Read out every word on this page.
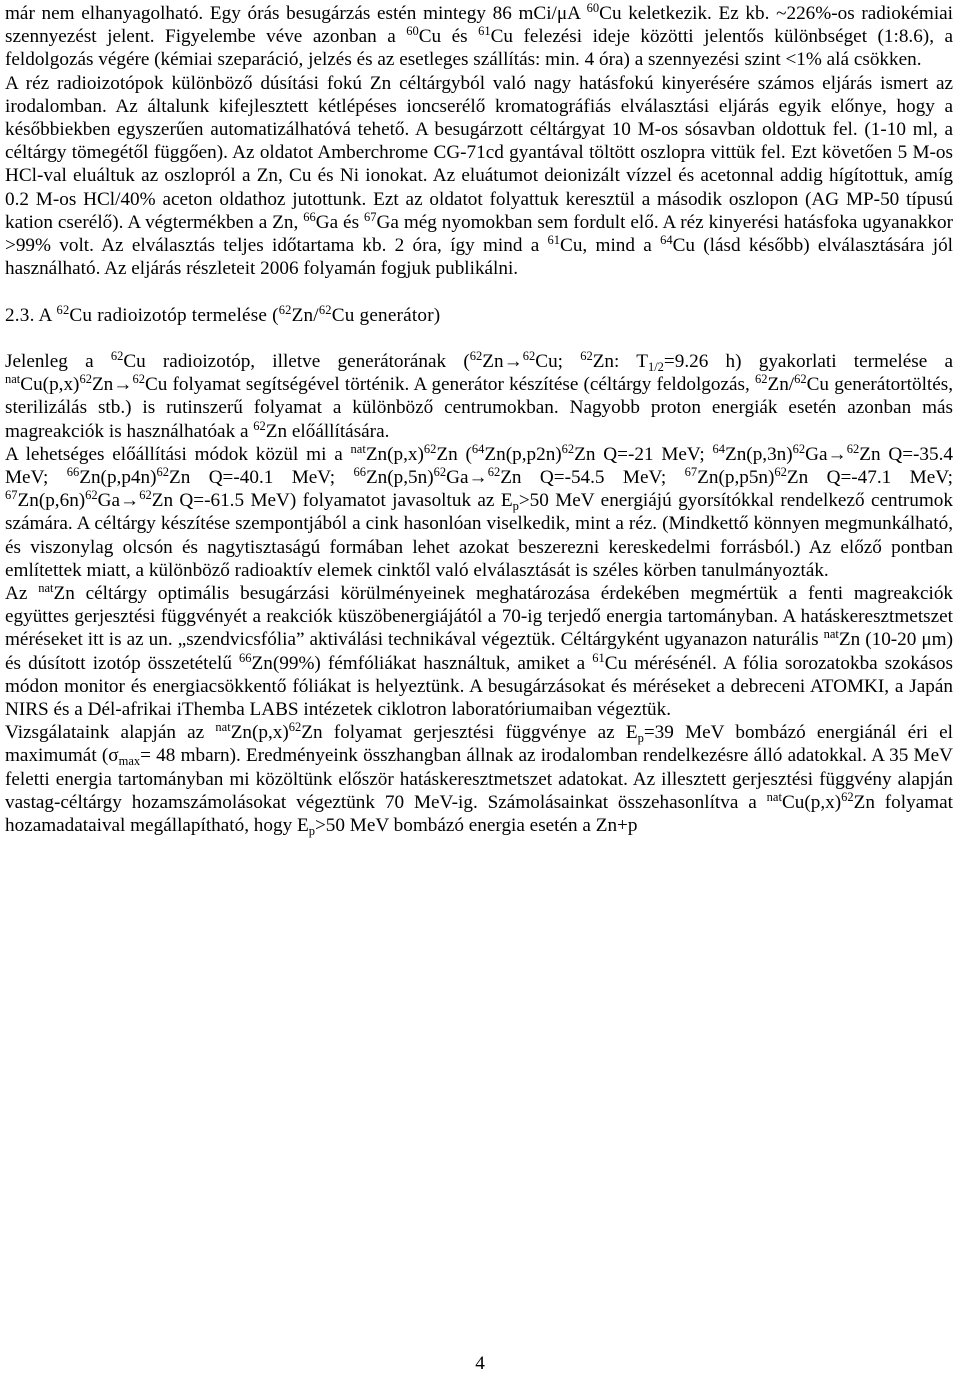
már nem elhanyagolható. Egy órás besugárzás estén mintegy 86 mCi/μA $^{60}$Cu keletkezik. Ez kb. ~226%-os radiokémiai szennyezést jelent. Figyelembe véve azonban a $^{60}$Cu és $^{61}$Cu felezési ideje közötti jelentős különbséget (1:8.6), a feldolgozás végére (kémiai szeparáció, jelzés és az esetleges szállítás: min. 4 óra) a szennyezési szint <1% alá csökken.

A réz radioizotópok különböző dúsítási fokú Zn céltárgyból való nagy hatásfokú kinyerésére számos eljárás ismert az irodalomban. Az általunk kifejlesztett kétlépéses ioncserélő kromatográfiás elválasztási eljárás egyik előnye, hogy a későbbiekben egyszerűen automatizálhatóvá tehető. A besugárzott céltárgyat 10 M-os sósavban oldottuk fel. (1-10 ml, a céltárgy tömegétől függően). Az oldatot Amberchrome CG-71cd gyantával töltött oszlopra vittük fel. Ezt követően 5 M-os HCl-val eluáltuk az oszlopról a Zn, Cu és Ni ionokat. Az eluátumot deionizált vízzel és acetonnal addig hígítottuk, amíg 0.2 M-os HCl/40% aceton oldathoz jutottunk. Ezt az oldatot folyattuk keresztül a második oszlopon (AG MP-50 típusú kation cserélő). A végtermékben a Zn, $^{66}$Ga és $^{67}$Ga még nyomokban sem fordult elő. A réz kinyerési hatásfoka ugyanakkor >99% volt. Az elválasztás teljes időtartama kb. 2 óra, így mind a $^{61}$Cu, mind a $^{64}$Cu (lásd később) elválasztására jól használható. Az eljárás részleteit 2006 folyamán fogjuk publikálni.

2.3. A $^{62}$Cu radioizotóp termelése ($^{62}$Zn/$^{62}$Cu generátor)

Jelenleg a $^{62}$Cu radioizotóp, illetve generátorának ($^{62}$Zn→$^{62}$Cu; $^{62}$Zn: $T_{1/2}=9.26$ h) gyakorlati termelése a $^{nat}Cu(p,x)^{62}Zn\to^{62}Cu$ folyamat segítségével történik. A generátor készítése (céltárgy feldolgozás, $^{62}$Zn/$^{62}$Cu generátortöltés, sterilizálás stb.) is rutinszerű folyamat a különböző centrumokban. Nagyobb proton energiák esetén azonban más magreakciók is használhatóak a $^{62}$Zn előállítására.

A lehetséges előállítási módok közül mi a $^{nat}Zn(p,x)^{62}Zn$ ($^{64}Zn(p,p2n)^{62}Zn$ Q=-21 MeV; $^{64}Zn(p,3n)^{62}Ga\to^{62}Zn$ Q=-35.4 MeV; $^{66}Zn(p,p4n)^{62}Zn$ Q=-40.1 MeV; $^{66}Zn(p,5n)^{62}Ga\to^{62}Zn$ Q=-54.5 MeV; $^{67}Zn(p,p5n)^{62}Zn$ Q=-47.1 MeV; $^{67}Zn(p,6n)^{62}Ga\to^{62}Zn$ Q=-61.5 MeV) folyamatot javasoltuk az $E_p>50$ MeV energiájú gyorsítókkal rendelkező centrumok számára. A céltárgy készítése szempontjából a cink hasonlóan viselkedik, mint a réz. (Mindkettő könnyen megmunkálható, és viszonylag olcsón és nagytisztaságú formában lehet azokat beszerezni kereskedelmi forrásból.) Az előző pontban említettek miatt, a különböző radioaktív elemek cinktől való elválasztását is széles körben tanulmányozták.

Az $^{nat}$Zn céltárgy optimális besugárzási körülményeinek meghatározása érdekében megmértük a fenti magreakciók együttes gerjesztési függvényét a reakciók küszöbenergiájától a 70-ig terjedő energia tartományban. A hatáskeresztmetszet méréseket itt is az un. „szendvicsfólia” aktiválási technikával végeztük. Céltárgyként ugyanazon naturális $^{nat}$Zn (10-20 μm) és dúsított izotóp összetételű $^{66}$Zn(99%) fémfóliákat használtuk, amiket a $^{61}$Cu mérésénél. A fólia sorozatokba szokásos módon monitor és energiacsökkentő fóliákat is helyeztünk. A besugárzásokat és méréseket a debreceni ATOMKI, a Japán NIRS és a Dél-afrikai iThemba LABS intézetek ciklotron laboratóriumaiban végeztük.

Vizsgálataink alapján az $^{nat}Zn(p,x)^{62}Zn$ folyamat gerjesztési függvénye az $E_p=39$ MeV bombázó energiánál éri el maximumát ($\sigma_{max}= 48$ mbarn). Eredményeink összhangban állnak az irodalomban rendelkezésre álló adatokkal. A 35 MeV feletti energia tartományban mi közöltünk először hatáskeresztmetszet adatokat. Az illesztett gerjesztési függvény alapján vastag-céltárgy hozamszámolásokat végeztünk 70 MeV-ig. Számolásainkat összehasonlítva a $^{nat}Cu(p,x)^{62}Zn$ folyamat hozamadataival megállapítható, hogy $E_p>50$ MeV bombázó energia esetén a Zn+p

4
